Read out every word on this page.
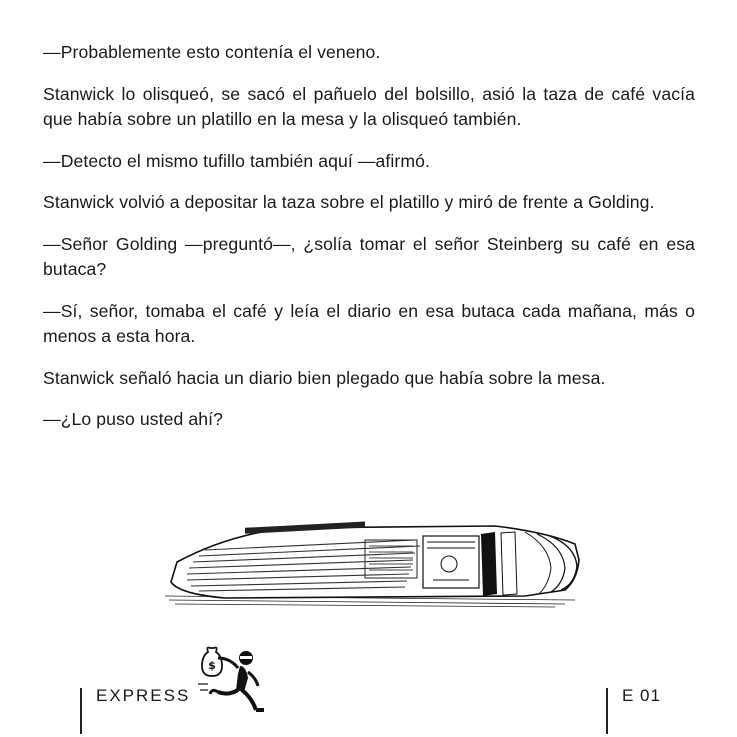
—Probablemente esto contenía el veneno.

Stanwick lo olisqueó, se sacó el pañuelo del bolsillo, asió la taza de café vacía que había sobre un platillo en la mesa y la olisqueó también.

—Detecto el mismo tufillo también aquí —afirmó.

Stanwick volvió a depositar la taza sobre el platillo y miró de frente a Golding.

—Señor Golding —preguntó—, ¿solía tomar el señor Steinberg su café en esa butaca?

—Sí, señor, tomaba el café y leía el diario en esa butaca cada mañana, más o menos a esta hora.

Stanwick señaló hacia un diario bien plegado que había sobre la mesa.

—¿Lo puso usted ahí?

EXPRESS
$
E 01
